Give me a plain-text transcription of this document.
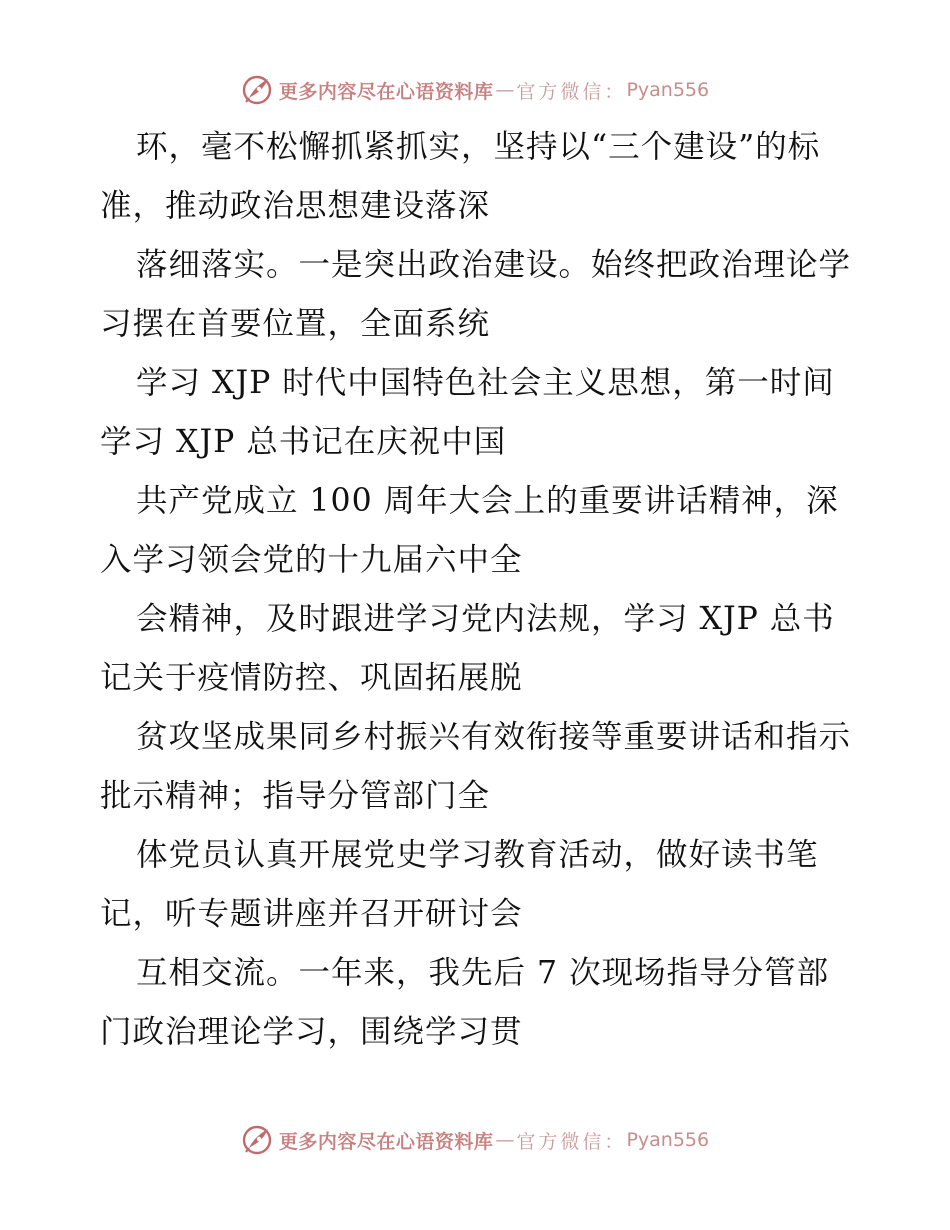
更多内容尽在心语资料库 — 官方微信： Pyan556

环，毫不松懈抓紧抓实，坚持以“三个建设”的标准，推动政治思想建设落深

落细落实。一是突出政治建设。始终把政治理论学习摆在首要位置，全面系统

学习 XJP 时代中国特色社会主义思想，第一时间学习 XJP 总书记在庆祝中国

共产党成立 100 周年大会上的重要讲话精神，深入学习领会党的十九届六中全

会精神，及时跟进学习党内法规，学习 XJP 总书记关于疫情防控、巩固拓展脱

贫攻坚成果同乡村振兴有效衔接等重要讲话和指示批示精神；指导分管部门全

体党员认真开展党史学习教育活动，做好读书笔记，听专题讲座并召开研讨会

互相交流。一年来，我先后 7 次现场指导分管部门政治理论学习，围绕学习贯

更多内容尽在心语资料库 — 官方微信： Pyan556
